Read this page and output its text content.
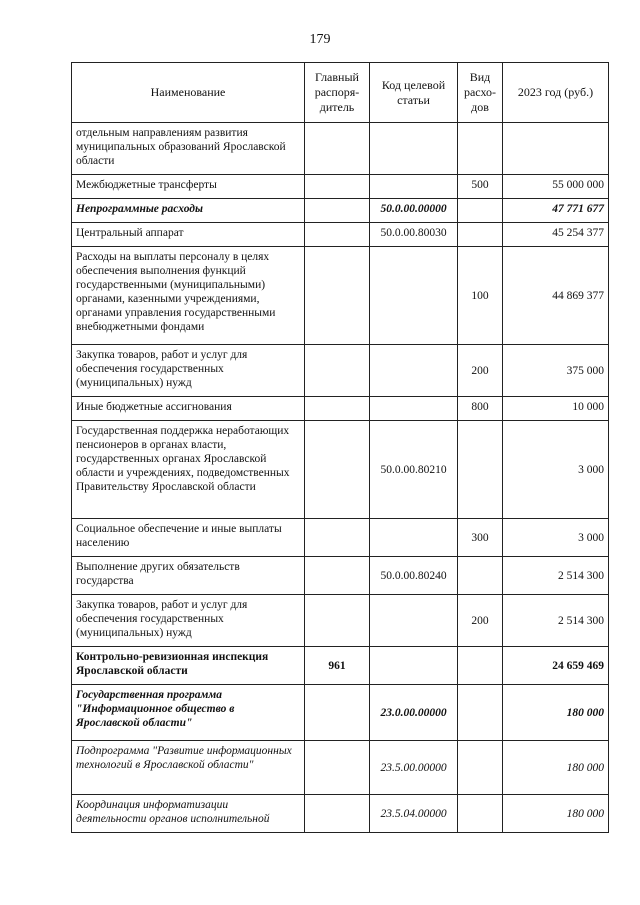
179
Наименование	Главный распоря-дитель	Код целевой статьи	Вид расхо-дов	2023 год (руб.)
отдельным направлениям развития муниципальных образований Ярославской области				
Межбюджетные трансферты			500	55 000 000
Непрограммные расходы		50.0.00.00000		47 771 677
Центральный аппарат		50.0.00.80030		45 254 377
Расходы на выплаты персоналу в целях обеспечения выполнения функций государственными (муниципальными) органами, казенными учреждениями, органами управления государственными внебюджетными фондами			100	44 869 377
Закупка товаров, работ и услуг для обеспечения государственных (муниципальных) нужд			200	375 000
Иные бюджетные ассигнования			800	10 000
Государственная поддержка неработающих пенсионеров в органах власти, государственных органах Ярославской области и учреждениях, подведомственных Правительству Ярославской области		50.0.00.80210		3 000
Социальное обеспечение и иные выплаты населению			300	3 000
Выполнение других обязательств государства		50.0.00.80240		2 514 300
Закупка товаров, работ и услуг для обеспечения государственных (муниципальных) нужд			200	2 514 300
Контрольно-ревизионная инспекция Ярославской области	961			24 659 469
Государственная программа "Информационное общество в Ярославской области"		23.0.00.00000		180 000
Подпрограмма "Развитие информационных технологий в Ярославской области"		23.5.00.00000		180 000
Координация информатизации деятельности органов исполнительной		23.5.04.00000		180 000
